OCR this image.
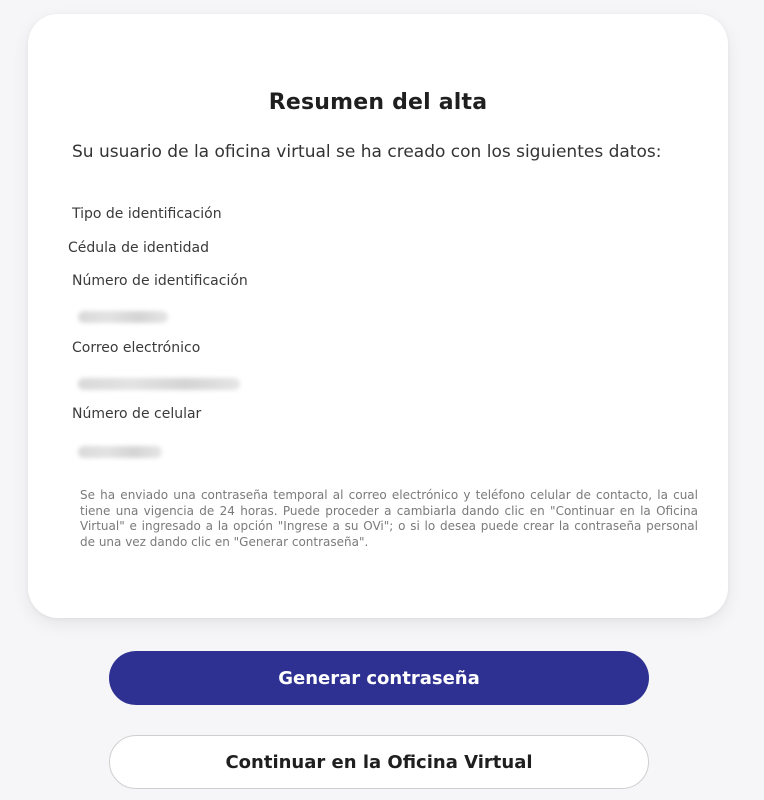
Resumen del alta
Su usuario de la oficina virtual se ha creado con los siguientes datos:
Tipo de identificación
Cédula de identidad
Número de identificación
Correo electrónico
Número de celular
Se ha enviado una contraseña temporal al correo electrónico y teléfono celular de contacto, la cual tiene una vigencia de 24 horas. Puede proceder a cambiarla dando clic en "Continuar en la Oficina Virtual" e ingresado a la opción "Ingrese a su OVi"; o si lo desea puede crear la contraseña personal de una vez dando clic en "Generar contraseña".
Generar contraseña
Continuar en la Oficina Virtual
